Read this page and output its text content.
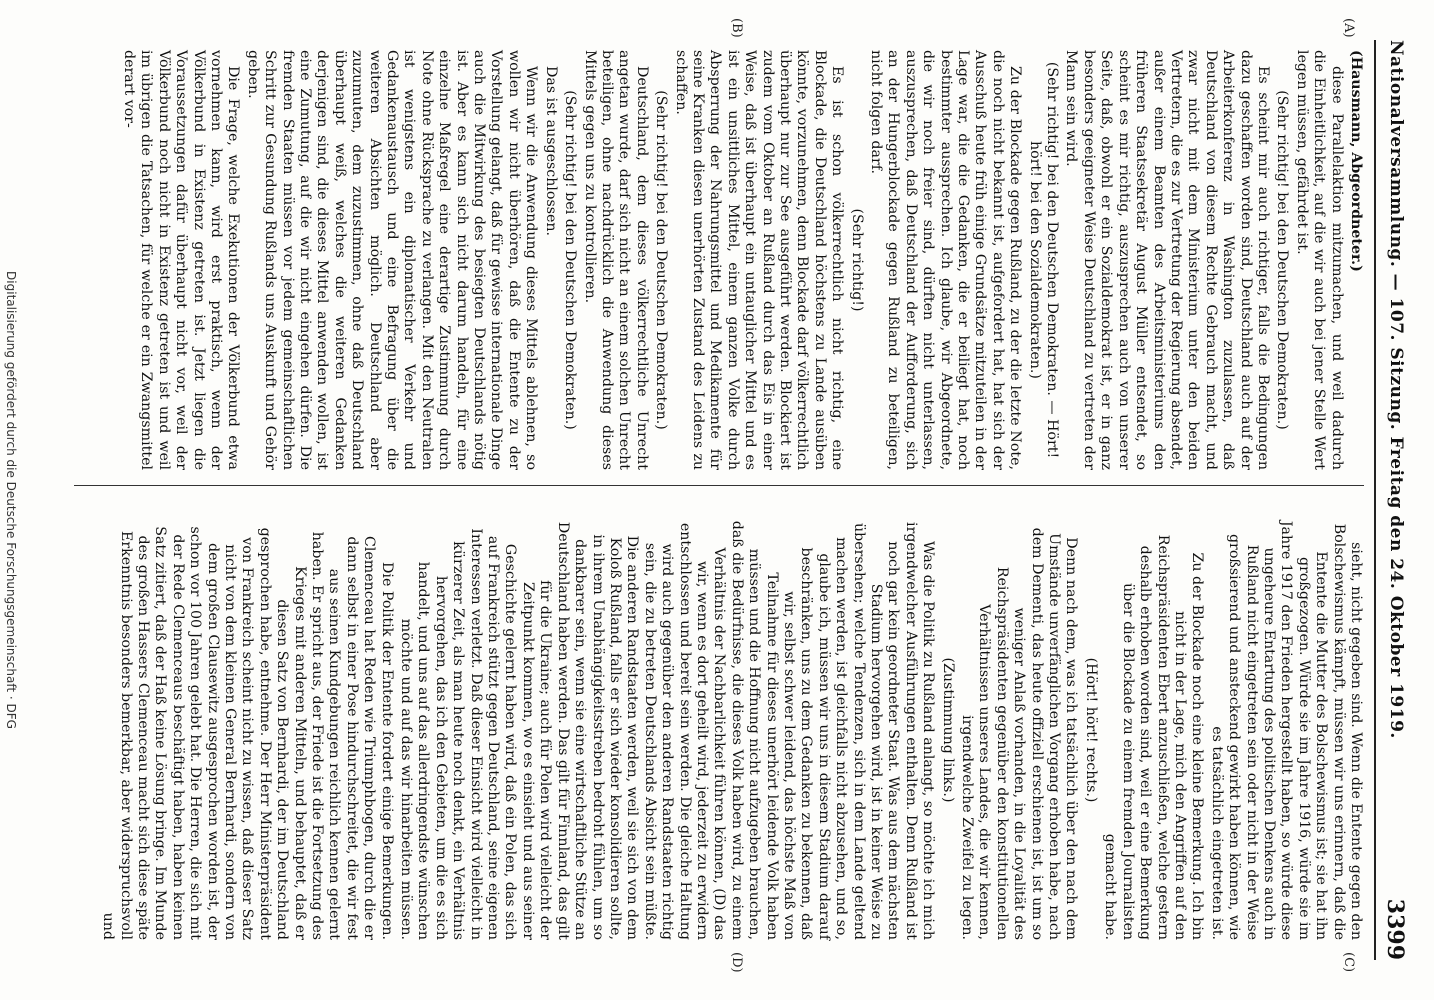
Nationalversammlung. — 107. Sitzung. Freitag den 24. Oktober 1919.
3399
(A)
(B)
(C)
(D)

(Hausmann, Abgeordneter.)

diese Parallelaktion mitzumachen, und weil dadurch die Einheitlichkeit, auf die wir auch bei jener Stelle Wert legen müssen, gefährdet ist.

(Sehr richtig! bei den Deutschen Demokraten.)

Es scheint mir auch richtiger, falls die Bedingungen dazu geschaffen worden sind, Deutschland auch auf der Arbeiterkonferenz in Washington zuzulassen, daß Deutschland von diesem Rechte Gebrauch macht, und zwar nicht mit dem Ministerium unter den beiden Vertretern, die es zur Vertretung der Regierung absendet, außer einem Beamten des Arbeitsministeriums den früheren Staatssekretär August Müller entsendet, so scheint es mir richtig, auszusprechen auch von unserer Seite, daß, obwohl er ein Sozialdemokrat ist, er in ganz besonders geeigneter Weise Deutschland zu vertreten der Mann sein wird.

(Sehr richtig! bei den Deutschen Demokraten. — Hört! hört! bei den Sozialdemokraten.)

Zu der Blockade gegen Rußland, zu der die letzte Note, die noch nicht bekannt ist, aufgefordert hat, hat sich der Ausschuß heute früh einige Grundsätze mitzuteilen in der Lage war, die die Gedanken, die er beiliegt hat, noch bestimmter aussprechen. Ich glaube, wir Abgeordnete, die wir noch freier sind, dürften nicht unterlassen, auszusprechen, daß Deutschland der Aufforderung, sich an der Hungerblockade gegen Rußland zu beteiligen, nicht folgen darf.

(Sehr richtig!)

Es ist schon völkerrechtlich nicht richtig, eine Blockade, die Deutschland höchstens zu Lande ausüben könnte, vorzunehmen, denn Blockade darf völkerrechtlich überhaupt nur zur See ausgeführt werden. Blockiert ist zudem vom Oktober an Rußland durch das Eis in einer Weise, daß ist überhaupt ein untauglicher Mittel und es ist ein unsittliches Mittel, einem ganzen Volke durch Absperrung der Nahrungsmittel und Medikamente für seine Kranken diesen unerhörten Zustand des Leidens zu schaffen.

(Sehr richtig! bei den Deutschen Demokraten.)

Deutschland, dem dieses völkerrechtliche Unrecht angetan wurde, darf sich nicht an einem solchen Unrecht beteiligen, ohne nachdrücklich die Anwendung dieses Mittels gegen uns zu kontrollieren.

(Sehr richtig! bei den Deutschen Demokraten.)

Das ist ausgeschlossen.

Wenn wir die Anwendung dieses Mittels ablehnen, so wollen wir nicht überhören, daß die Entente zu der Vorstellung gelangt, daß für gewisse internationale Dinge auch die Mitwirkung des besiegten Deutschlands nötig ist. Aber es kann sich nicht darum handeln, für eine einzelne Maßregel eine derartige Zustimmung durch Note ohne Rücksprache zu verlangen. Mit den Neutralen ist wenigstens ein diplomatischer Verkehr und Gedankenaustausch und eine Befragung über die weiteren Absichten möglich. Deutschland aber zuzumuten, dem zuzustimmen, ohne daß Deutschland überhaupt weiß, welches die weiteren Gedanken derjenigen sind, die dieses Mittel anwenden wollen, ist eine Zumutung, auf die wir nicht eingehen dürfen. Die fremden Staaten müssen vor jedem gemeinschaftlichen Schritt zur Gesundung Rußlands uns Auskunft und Gehör geben.

Die Frage, welche Exekutionen der Völkerbund etwa vornehmen kann, wird erst praktisch, wenn der Völkerbund in Existenz getreten ist. Jetzt liegen die Voraussetzungen dafür überhaupt nicht vor, weil der Völkerbund noch nicht in Existenz getreten ist und weil im übrigen die Tatsachen, für welche er ein Zwangsmittel derart vor-

sieht, nicht gegeben sind. Wenn die Entente gegen den Bolschewismus kämpft, müssen wir uns erinnern, daß die Entente die Mutter des Bolschewismus ist; sie hat ihn großgezogen. Würde sie im Jahre 1916, würde sie im Jahre 1917 den Frieden hergestellt haben, so würde diese ungeheure Entartung des politischen Denkens auch in Rußland nicht eingetreten sein oder nicht in der Weise großsierend und ansteckend gewirkt haben können, wie es tatsächlich eingetreten ist.

Zu der Blockade noch eine kleine Bemerkung. Ich bin nicht in der Lage, mich den Angriffen auf den Reichspräsidenten Ebert anzuschließen, welche gestern deshalb erhoben worden sind, weil er eine Bemerkung über die Blockade zu einem fremden Journalisten gemacht habe.

(Hört! hört! rechts.)

Denn nach dem, was ich tatsächlich über den nach dem Umstände unverfänglichen Vorgang erhoben habe, nach dem Dementi, das heute offiziell erschienen ist, ist um so weniger Anlaß vorhanden, in die Loyalität des Reichspräsidenten gegenüber den konstitutionellen Verhältnissen unseres Landes, die wir kennen, irgendwelche Zweifel zu legen.

(Zustimmung links.)

Was die Politik zu Rußland anlangt, so möchte ich mich irgendwelcher Ausführungen enthalten. Denn Rußland ist noch gar kein geordneter Staat. Was aus dem nächsten Stadium hervorgehen wird, ist in keiner Weise zu übersehen; welche Tendenzen, sich in dem Lande geltend machen werden, ist gleichfalls nicht abzusehen, und so, glaube ich, müssen wir uns in diesem Stadium darauf beschränken, uns zu dem Gedanken zu bekennen, daß wir, selbst schwer leidend, das höchste Maß von Teilnahme für dieses unerhört leidende Volk haben müssen und die Hoffnung nicht aufzugeben brauchen, daß die Bedürfnisse, die dieses Volk haben wird, zu einem Verhältnis der Nachbarlichkeit führen können, (D) das wir, wenn es dort geheilt wird, jederzeit zu erwidern entschlossen und bereit sein werden. Die gleiche Haltung wird auch gegenüber den anderen Randstaaten richtig sein, die zu betreten Deutschlands Absicht sein müßte. Die anderen Randstaaten werden, weil sie sich von dem Koloß Rußland, falls er sich wieder konsolidieren sollte, in ihrem Unabhängigkeitsstreben bedroht fühlen, um so dankbarer sein, wenn sie eine wirtschaftliche Stütze an Deutschland haben werden. Das gilt für Finnland, das gilt für die Ukraine; auch für Polen wird vielleicht der Zeitpunkt kommen, wo es einsieht und aus seiner Geschichte gelernt haben wird, daß ein Polen, das sich auf Frankreich stützt gegen Deutschland, seine eigenen Interessen verletzt. Daß dieser Einsicht wird vielleicht in kürzerer Zeit, als man heute noch denkt, ein Verhältnis hervorgehen, das ich den Gebieten, um die es sich handelt, und uns auf das allerdringendste wünschen möchte und auf das wir hinarbeiten müssen.

Die Politik der Entente fordert einige Bemerkungen. Clemenceau hat Reden wie Triumphbogen, durch die er dann selbst in einer Pose hindurchschreitet, die wir fest aus seinen Kundgebungen reichlich kennen gelernt haben. Er spricht aus, der Friede ist die Fortsetzung des Krieges mit anderen Mitteln, und behauptet, daß er diesen Satz von Bernhardi, der im Deutschland gesprochen habe, entnehme. Der Herr Ministerpräsident von Frankreich scheint nicht zu wissen, daß dieser Satz nicht von dem kleinen General Bernhardi, sondern von dem großen Clausewitz ausgesprochen worden ist, der schon vor 100 Jahren gelebt hat. Die Herren, die sich mit der Rede Clemenceaus beschäftigt haben, haben keinen Satz zitiert, daß der Haß keine Lösung bringe. Im Munde des großen Hassers Clemenceau macht sich diese späte Erkenntnis besonders bemerkbar, aber widerspruchsvoll und

Digitalisierung gefördert durch die Deutsche Forschungsgemeinschaft · DFG
